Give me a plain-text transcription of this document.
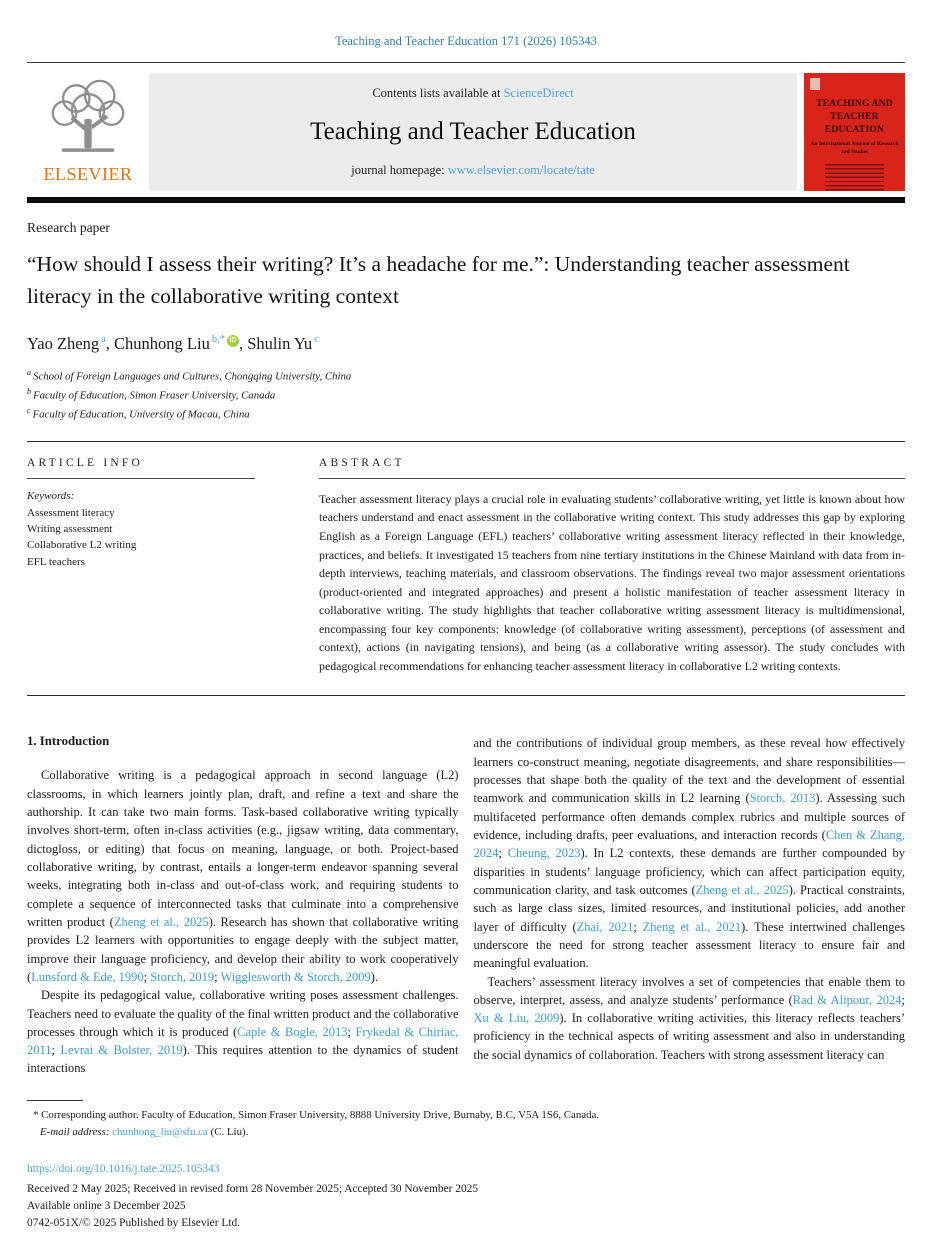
Teaching and Teacher Education 171 (2026) 105343
ELSEVIER
Contents lists available at ScienceDirect
Teaching and Teacher Education
journal homepage: www.elsevier.com/locate/tate
TEACHING AND TEACHER EDUCATION
An International Journal of Research and Studies
Research paper
“How should I assess their writing? It’s a headache for me.”: Understanding teacher assessment literacy in the collaborative writing context
Yao Zheng $^a$ , Chunhong Liu $^{b,*}$ iD , Shulin Yu $^c$
$^a$ School of Foreign Languages and Cultures, Chongqing University, China
$^b$ Faculty of Education, Simon Fraser University, Canada
$^c$ Faculty of Education, University of Macau, China
ARTICLE INFO
Keywords:
Assessment literacy
Writing assessment
Collaborative L2 writing
EFL teachers
ABSTRACT

Teacher assessment literacy plays a crucial role in evaluating students’ collaborative writing, yet little is known about how teachers understand and enact assessment in the collaborative writing context. This study addresses this gap by exploring English as a Foreign Language (EFL) teachers’ collaborative writing assessment literacy reflected in their knowledge, practices, and beliefs. It investigated 15 teachers from nine tertiary institutions in the Chinese Mainland with data from in-depth interviews, teaching materials, and classroom observations. The findings reveal two major assessment orientations (product-oriented and integrated approaches) and present a holistic manifestation of teacher assessment literacy in collaborative writing. The study highlights that teacher collaborative writing assessment literacy is multidimensional, encompassing four key components: knowledge (of collaborative writing assessment), perceptions (of assessment and context), actions (in navigating tensions), and being (as a collaborative writing assessor). The study concludes with pedagogical recommendations for enhancing teacher assessment literacy in collaborative L2 writing contexts.

1. Introduction

Collaborative writing is a pedagogical approach in second language (L2) classrooms, in which learners jointly plan, draft, and refine a text and share the authorship. It can take two main forms. Task-based collaborative writing typically involves short-term, often in-class activities (e.g., jigsaw writing, data commentary, dictogloss, or editing) that focus on meaning, language, or both. Project-based collaborative writing, by contrast, entails a longer-term endeavor spanning several weeks, integrating both in-class and out-of-class work, and requiring students to complete a sequence of interconnected tasks that culminate into a comprehensive written product (Zheng et al., 2025). Research has shown that collaborative writing provides L2 learners with opportunities to engage deeply with the subject matter, improve their language proficiency, and develop their ability to work cooperatively (Lunsford & Ede, 1990; Storch, 2019; Wigglesworth & Storch, 2009).

Despite its pedagogical value, collaborative writing poses assessment challenges. Teachers need to evaluate the quality of the final written product and the collaborative processes through which it is produced (Caple & Bogle, 2013; Frykedal & Chiriac, 2011; Levrai & Bolster, 2019). This requires attention to the dynamics of student interactions

and the contributions of individual group members, as these reveal how effectively learners co-construct meaning, negotiate disagreements, and share responsibilities—processes that shape both the quality of the text and the development of essential teamwork and communication skills in L2 learning (Storch, 2013). Assessing such multifaceted performance often demands complex rubrics and multiple sources of evidence, including drafts, peer evaluations, and interaction records (Chen & Zhang, 2024; Cheung, 2023). In L2 contexts, these demands are further compounded by disparities in students’ language proficiency, which can affect participation equity, communication clarity, and task outcomes (Zheng et al., 2025). Practical constraints, such as large class sizes, limited resources, and institutional policies, add another layer of difficulty (Zhai, 2021; Zheng et al., 2021). These intertwined challenges underscore the need for strong teacher assessment literacy to ensure fair and meaningful evaluation.

Teachers’ assessment literacy involves a set of competencies that enable them to observe, interpret, assess, and analyze students’ performance (Rad & Alipour, 2024; Xu & Liu, 2009). In collaborative writing activities, this literacy reflects teachers’ proficiency in the technical aspects of writing assessment and also in understanding the social dynamics of collaboration. Teachers with strong assessment literacy can

* Corresponding author. Faculty of Education, Simon Fraser University, 8888 University Drive, Burnaby, B.C, V5A 1S6, Canada.
E-mail address: chunhong_liu@sfu.ca (C. Liu).
https://doi.org/10.1016/j.tate.2025.105343
Received 2 May 2025; Received in revised form 28 November 2025; Accepted 30 November 2025
Available online 3 December 2025
0742-051X/© 2025 Published by Elsevier Ltd.
